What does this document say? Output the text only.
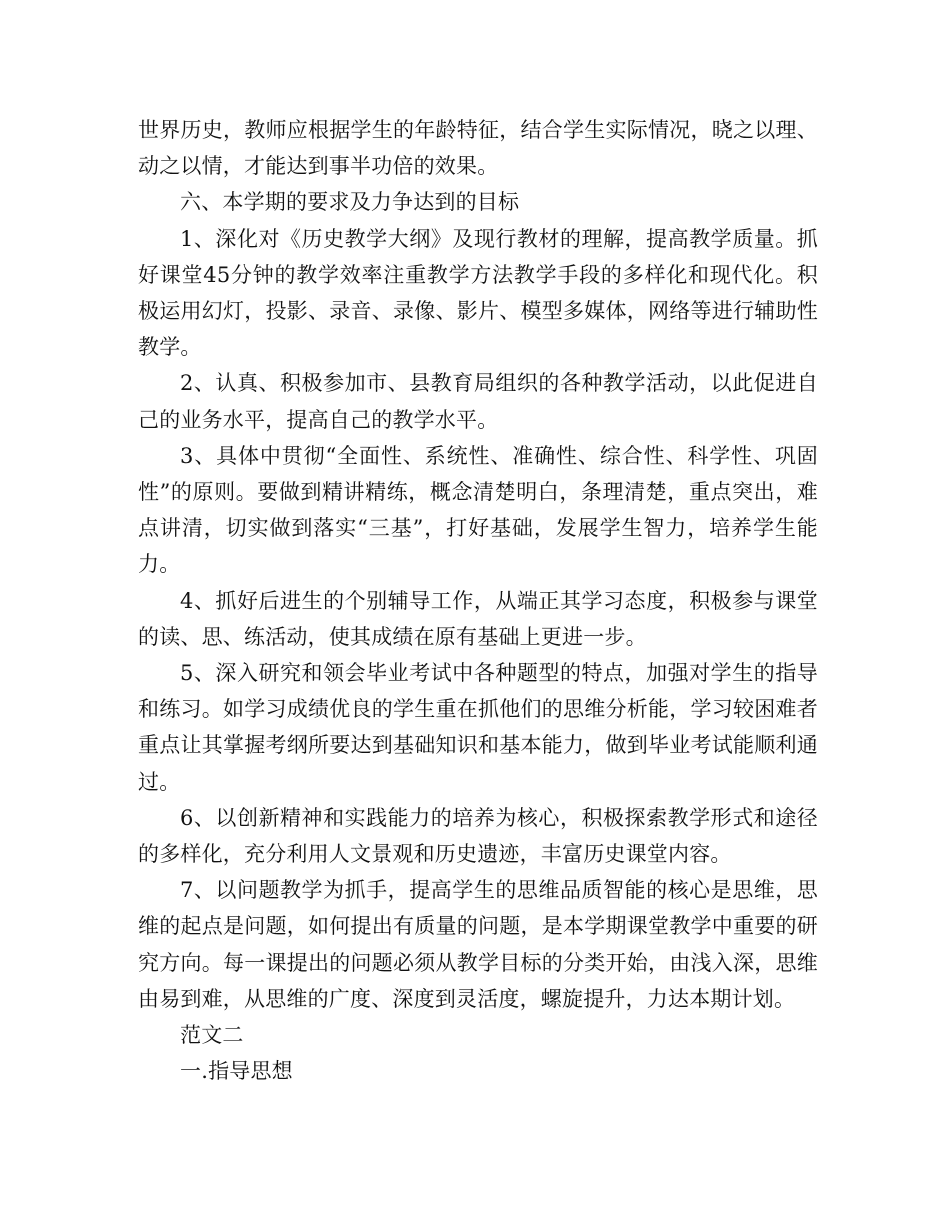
世界历史，教师应根据学生的年龄特征，结合学生实际情况，晓之以理、动之以情，才能达到事半功倍的效果。

六、本学期的要求及力争达到的目标

1、深化对《历史教学大纲》及现行教材的理解，提高教学质量。抓好课堂45分钟的教学效率注重教学方法教学手段的多样化和现代化。积极运用幻灯，投影、录音、录像、影片、模型多媒体，网络等进行辅助性教学。

2、认真、积极参加市、县教育局组织的各种教学活动，以此促进自己的业务水平，提高自己的教学水平。

3、具体中贯彻“全面性、系统性、准确性、综合性、科学性、巩固性”的原则。要做到精讲精练，概念清楚明白，条理清楚，重点突出，难点讲清，切实做到落实“三基”，打好基础，发展学生智力，培养学生能力。

4、抓好后进生的个别辅导工作，从端正其学习态度，积极参与课堂的读、思、练活动，使其成绩在原有基础上更进一步。

5、深入研究和领会毕业考试中各种题型的特点，加强对学生的指导和练习。如学习成绩优良的学生重在抓他们的思维分析能，学习较困难者重点让其掌握考纲所要达到基础知识和基本能力，做到毕业考试能顺利通过。

6、以创新精神和实践能力的培养为核心，积极探索教学形式和途径的多样化，充分利用人文景观和历史遗迹，丰富历史课堂内容。

7、以问题教学为抓手，提高学生的思维品质智能的核心是思维，思维的起点是问题，如何提出有质量的问题，是本学期课堂教学中重要的研究方向。每一课提出的问题必须从教学目标的分类开始，由浅入深，思维由易到难，从思维的广度、深度到灵活度，螺旋提升，力达本期计划。

范文二

一.指导思想
